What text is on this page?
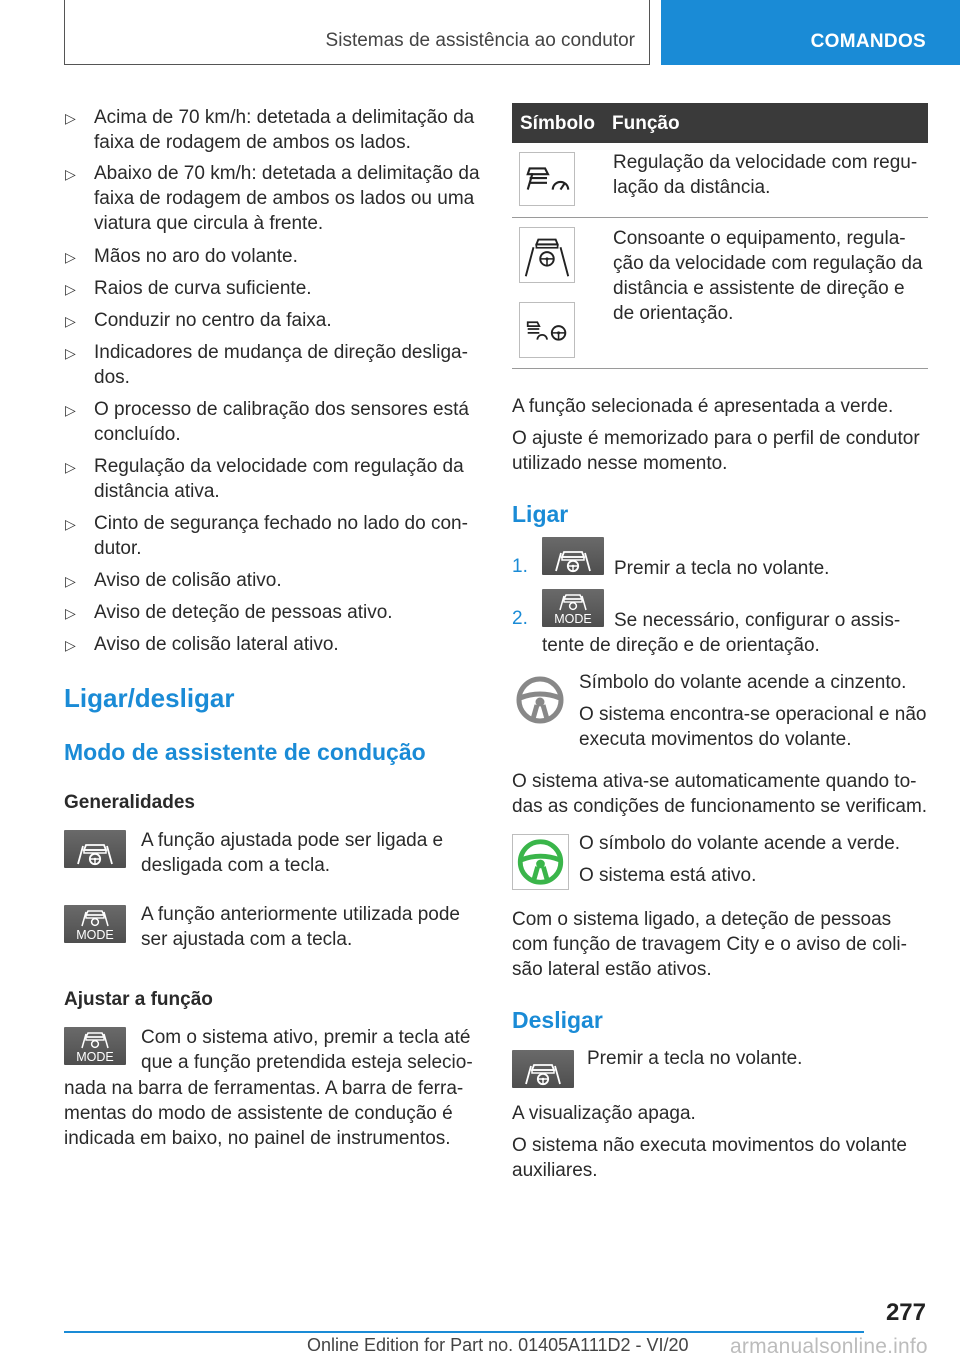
Sistemas de assistência ao condutor	COMANDOS
▷ Acima de 70 km/h: detetada a delimitação da
faixa de rodagem de ambos os lados.
▷ Abaixo de 70 km/h: detetada a delimitação da
faixa de rodagem de ambos os lados ou uma
viatura que circula à frente.
▷ Mãos no aro do volante.
▷ Raios de curva suficiente.
▷ Conduzir no centro da faixa.
▷ Indicadores de mudança de direção desliga-
dos.
▷ O processo de calibração dos sensores está
concluído.
▷ Regulação da velocidade com regulação da
distância ativa.
▷ Cinto de segurança fechado no lado do con-
dutor.
▷ Aviso de colisão ativo.
▷ Aviso de deteção de pessoas ativo.
▷ Aviso de colisão lateral ativo.
Ligar/desligar
Modo de assistente de condução
Generalidades
A função ajustada pode ser ligada e
desligada com a tecla.
MODE
A função anteriormente utilizada pode
ser ajustada com a tecla.
Ajustar a função
MODE
Com o sistema ativo, premir a tecla até
que a função pretendida esteja selecio-
nada na barra de ferramentas. A barra de ferra-
mentas do modo de assistente de condução é
indicada em baixo, no painel de instrumentos.
Símbolo Função
Regulação da velocidade com regu-
lação da distância.
Consoante o equipamento, regula-
ção da velocidade com regulação da
distância e assistente de direção e
de orientação.
A função selecionada é apresentada a verde.
O ajuste é memorizado para o perfil de condutor
utilizado nesse momento.
Ligar
1.	Premir a tecla no volante.
2. MODE Se necessário, configurar o assis-
tente de direção e de orientação.
Símbolo do volante acende a cinzento.
O sistema encontra-se operacional e não
executa movimentos do volante.
O sistema ativa-se automaticamente quando to-
das as condições de funcionamento se verificam.
O símbolo do volante acende a verde.
O sistema está ativo.
Com o sistema ligado, a deteção de pessoas
com função de travagem City e o aviso de coli-
são lateral estão ativos.
Desligar
Premir a tecla no volante.
A visualização apaga.
O sistema não executa movimentos do volante
auxiliares.
277
Online Edition for Part no. 01405A111D2 - VI/20 armanualsonline.info
